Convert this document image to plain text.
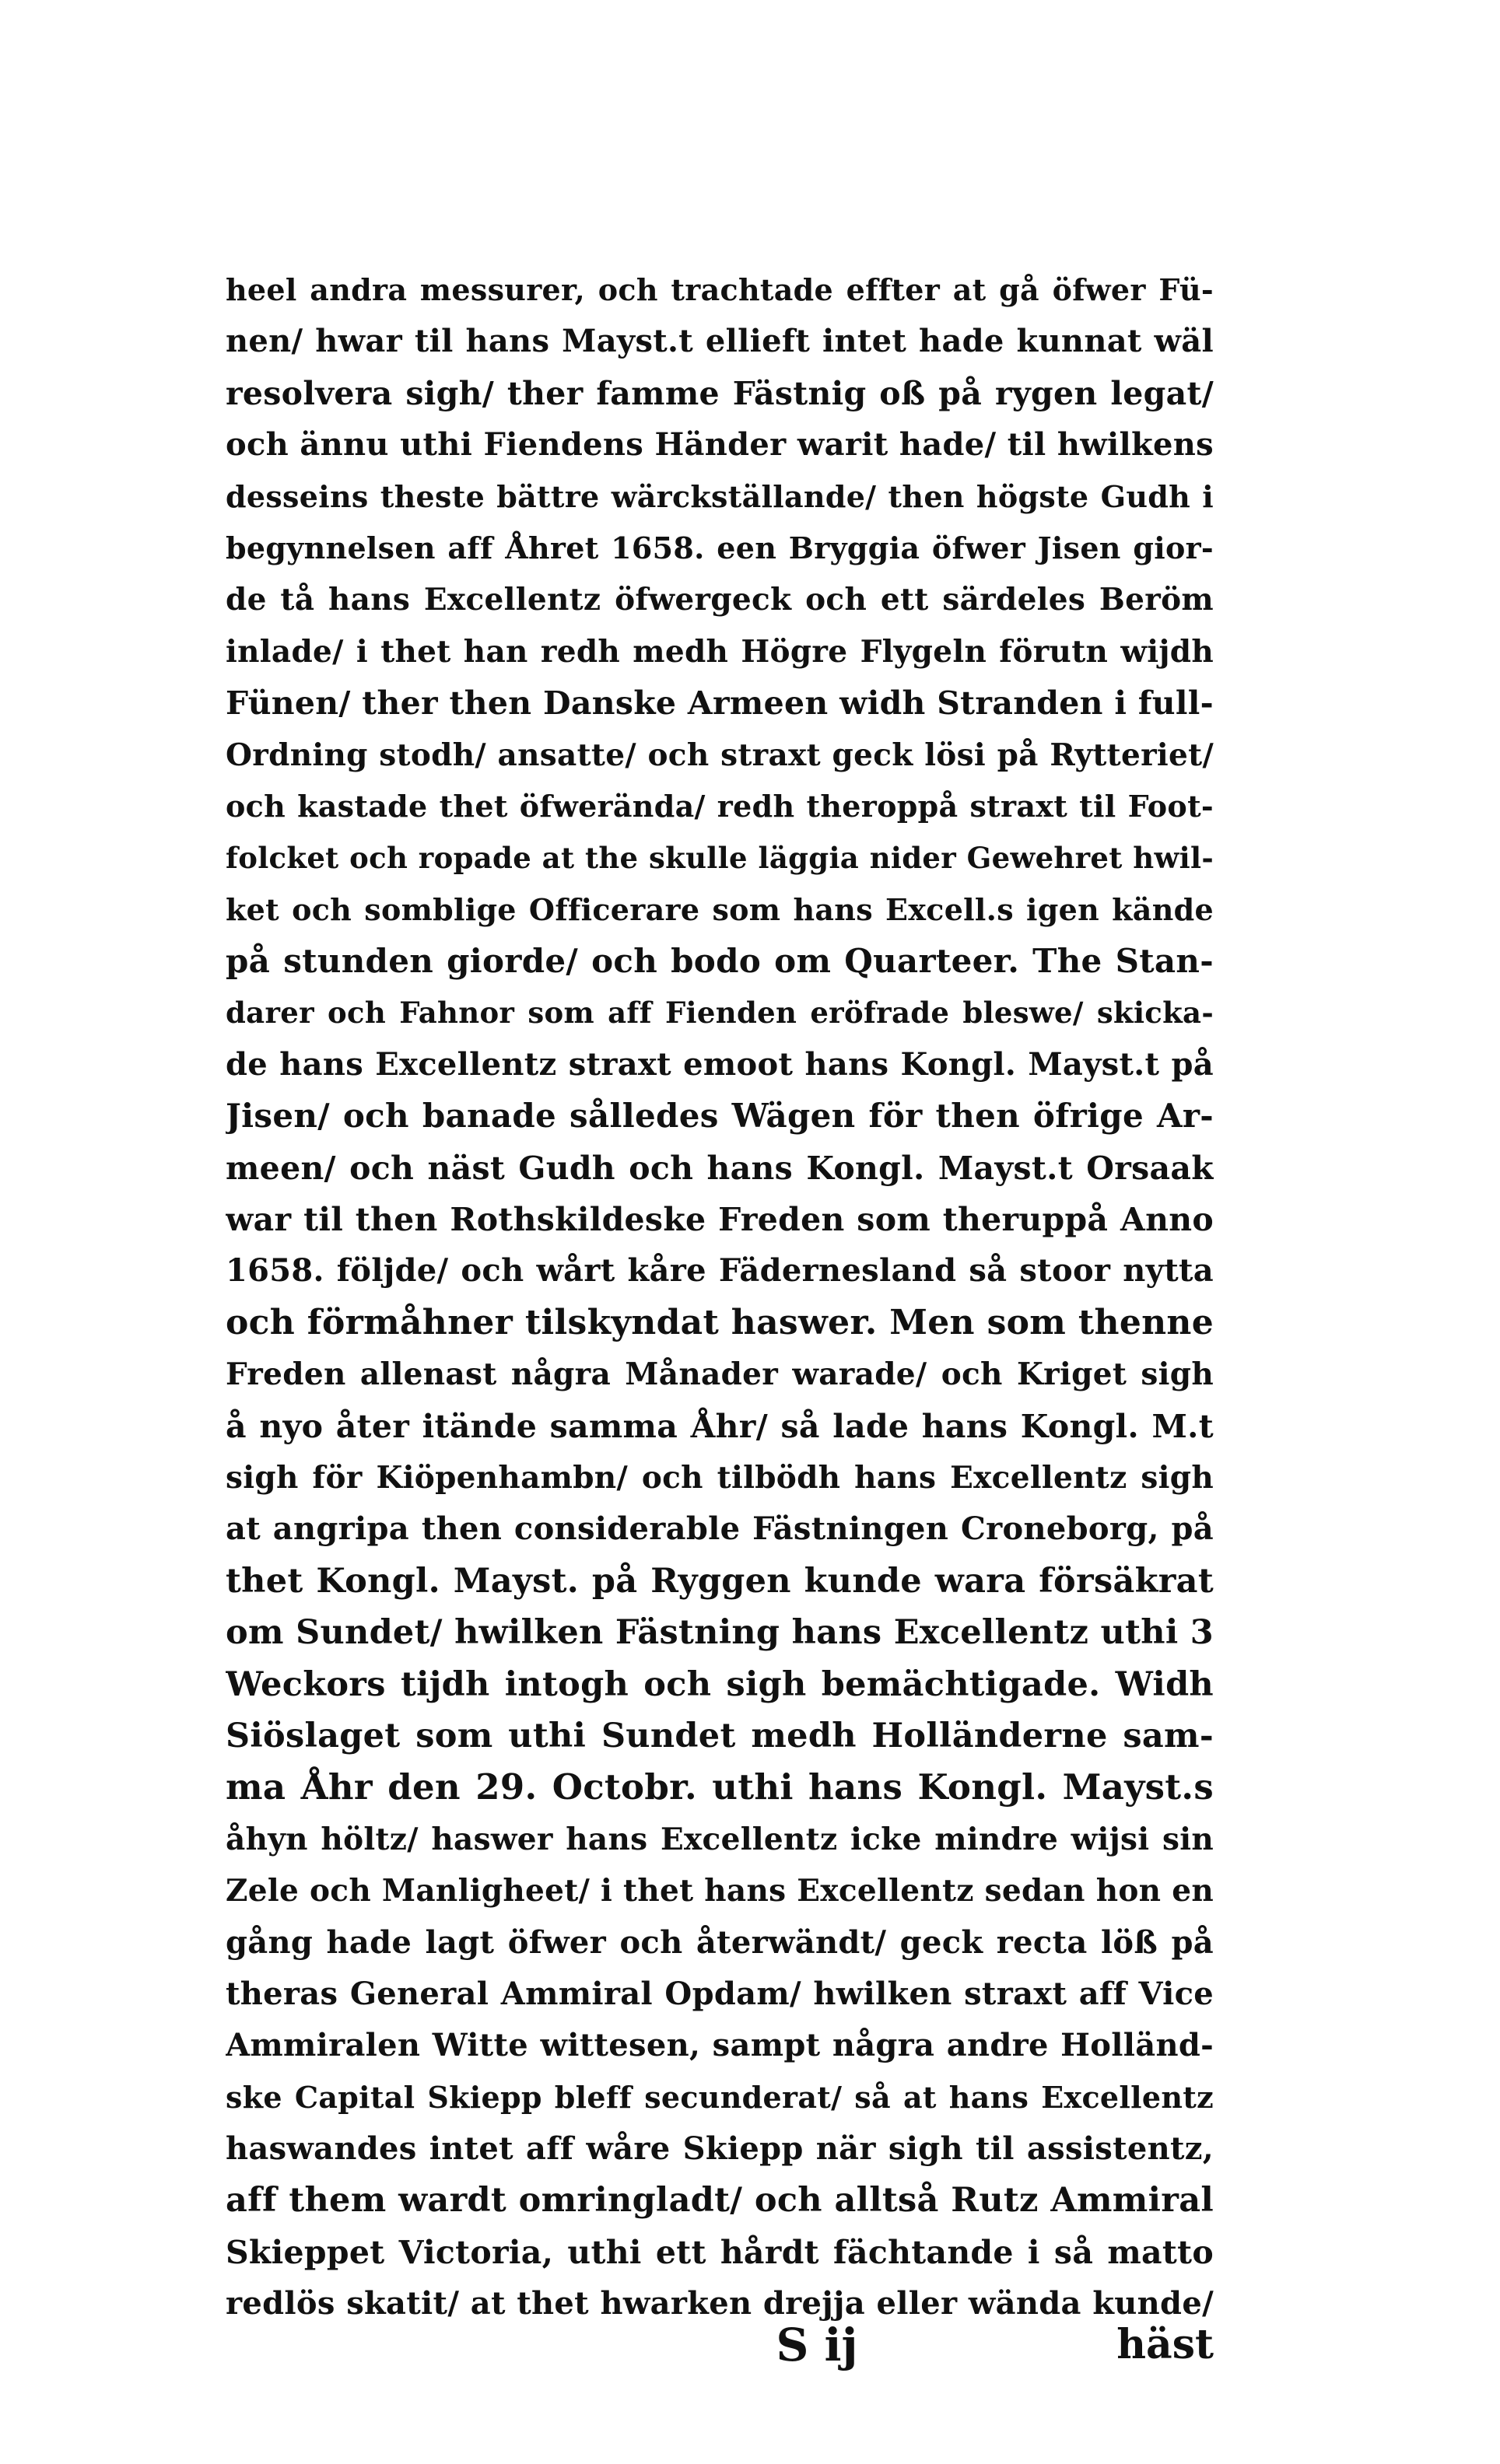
heel andra messurer, och trachtade effter at gå öfwer Fü-
nen/ hwar til hans Mayst.t ellieft intet hade kunnat wäl
resolvera sigh/ ther famme Fästnig oß på rygen legat/
och ännu uthi Fiendens Händer warit hade/ til hwilkens
desseins theste bättre wärckställande/ then högste Gudh i
begynnelsen aff Åhret 1658. een Bryggia öfwer Jisen gior-
de tå hans Excellentz öfwergeck och ett särdeles Beröm
inlade/ i thet han redh medh Högre Flygeln förutn wijdh
Fünen/ ther then Danske Armeen widh Stranden i full-
Ordning stodh/ ansatte/ och straxt geck lösi på Rytteriet/
och kastade thet öfwerända/ redh theroppå straxt til Foot-
folcket och ropade at the skulle läggia nider Gewehret hwil-
ket och somblige Officerare som hans Excell.s igen kände
på stunden giorde/ och bodo om Quarteer. The Stan-
darer och Fahnor som aff Fienden eröfrade bleswe/ skicka-
de hans Excellentz straxt emoot hans Kongl. Mayst.t på
Jisen/ och banade sålledes Wägen för then öfrige Ar-
meen/ och näst Gudh och hans Kongl. Mayst.t Orsaak
war til then Rothskildeske Freden som theruppå Anno
1658. följde/ och wårt kåre Fädernesland så stoor nytta
och förmåhner tilskyndat haswer. Men som thenne
Freden allenast några Månader warade/ och Kriget sigh
å nyo åter itände samma Åhr/ så lade hans Kongl. M.t
sigh för Kiöpenhambn/ och tilbödh hans Excellentz sigh
at angripa then considerable Fästningen Croneborg, på
thet Kongl. Mayst. på Ryggen kunde wara försäkrat
om Sundet/ hwilken Fästning hans Excellentz uthi 3
Weckors tijdh intogh och sigh bemächtigade. Widh
Siöslaget som uthi Sundet medh Holländerne sam-
ma Åhr den 29. Octobr. uthi hans Kongl. Mayst.s
åhyn höltz/ haswer hans Excellentz icke mindre wijsi sin
Zele och Manligheet/ i thet hans Excellentz sedan hon en
gång hade lagt öfwer och återwändt/ geck recta löß på
theras General Ammiral Opdam/ hwilken straxt aff Vice
Ammiralen Witte wittesen, sampt några andre Holländ-
ske Capital Skiepp bleff secunderat/ så at hans Excellentz
haswandes intet aff wåre Skiepp när sigh til assistentz,
aff them wardt omringladt/ och alltså Rutz Ammiral
Skieppet Victoria, uthi ett hårdt fächtande i så matto
redlös skatit/ at thet hwarken drejja eller wända kunde/
S ij	häst
